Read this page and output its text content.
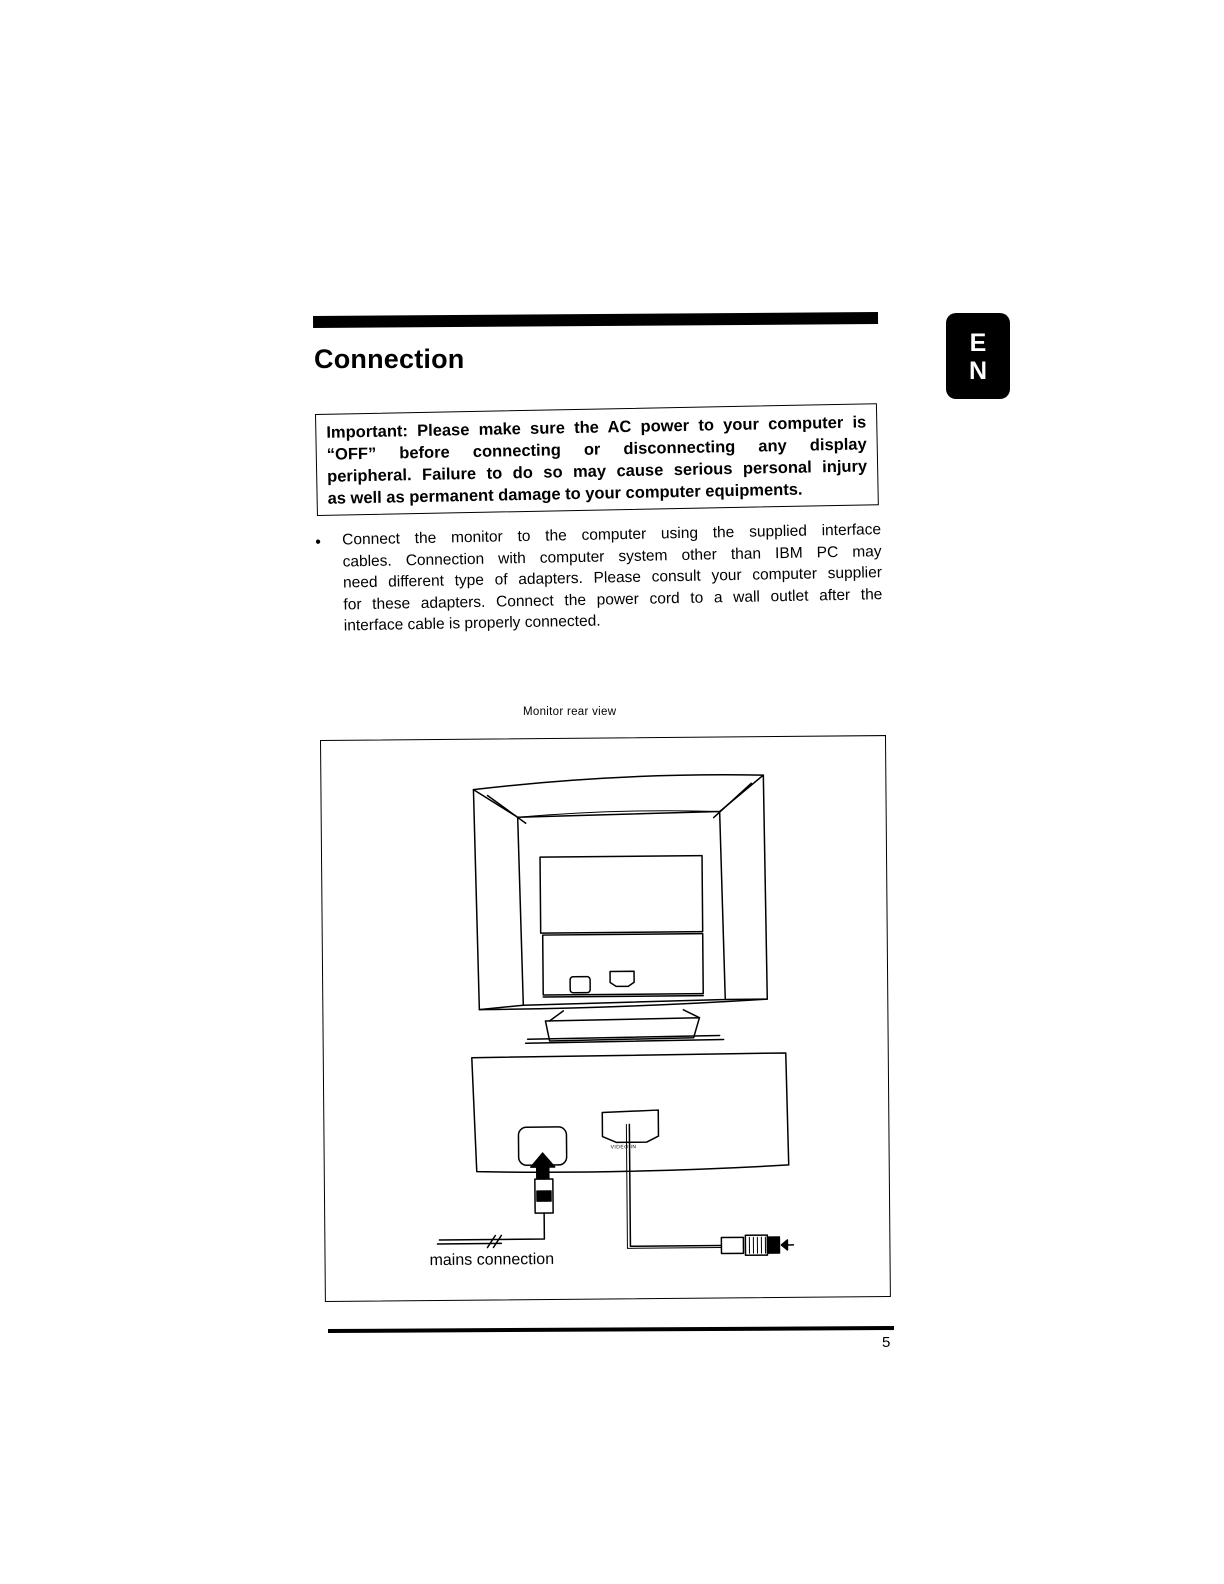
Connection
E
N

Important: Please make sure the AC power to your computer is

“OFF” before connecting or disconnecting any display

peripheral. Failure to do so may cause serious personal injury

as well as permanent damage to your computer equipments.

• Connect the monitor to the computer using the supplied interface
cables. Connection with computer system other than IBM PC may
need different type of adapters. Please consult your computer supplier
for these adapters. Connect the power cord to a wall outlet after the
interface cable is properly connected.
Monitor rear view
VIDEO IN
mains connection
5
